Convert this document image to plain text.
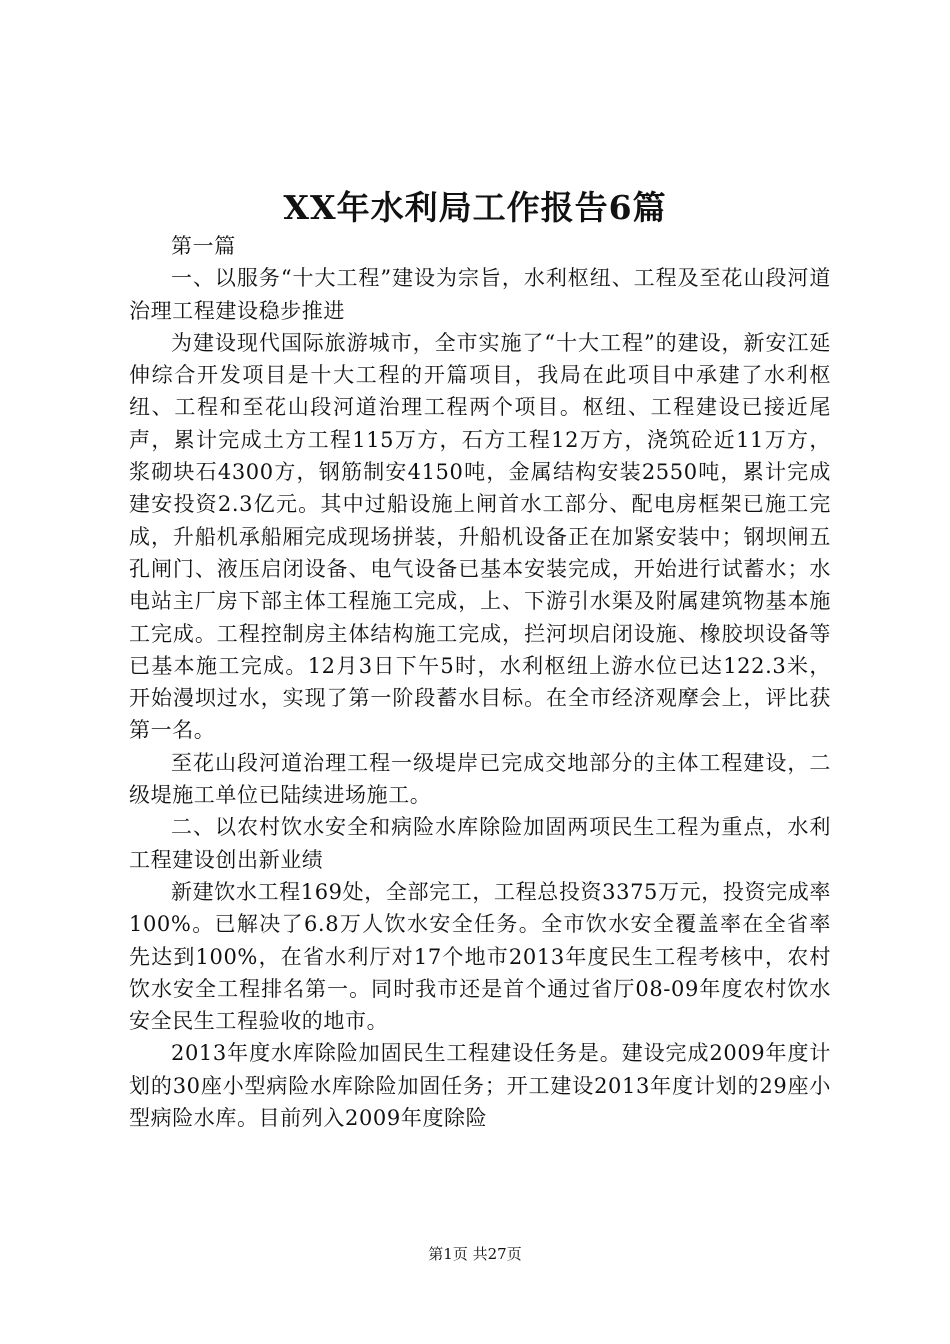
XX年水利局工作报告6篇

第一篇

一、以服务“十大工程”建设为宗旨，水利枢纽、工程及至花山段河道治理工程建设稳步推进

为建设现代国际旅游城市，全市实施了“十大工程”的建设，新安江延伸综合开发项目是十大工程的开篇项目，我局在此项目中承建了水利枢纽、工程和至花山段河道治理工程两个项目。枢纽、工程建设已接近尾声，累计完成土方工程115万方，石方工程12万方，浇筑砼近11万方，浆砌块石4300方，钢筋制安4150吨，金属结构安装2550吨，累计完成建安投资2.3亿元。其中过船设施上闸首水工部分、配电房框架已施工完成，升船机承船厢完成现场拼装，升船机设备正在加紧安装中；钢坝闸五孔闸门、液压启闭设备、电气设备已基本安装完成，开始进行试蓄水；水电站主厂房下部主体工程施工完成，上、下游引水渠及附属建筑物基本施工完成。工程控制房主体结构施工完成，拦河坝启闭设施、橡胶坝设备等已基本施工完成。12月3日下午5时，水利枢纽上游水位已达122.3米，开始漫坝过水，实现了第一阶段蓄水目标。在全市经济观摩会上，评比获第一名。

至花山段河道治理工程一级堤岸已完成交地部分的主体工程建设，二级堤施工单位已陆续进场施工。

二、以农村饮水安全和病险水库除险加固两项民生工程为重点，水利工程建设创出新业绩

新建饮水工程169处，全部完工，工程总投资3375万元，投资完成率100%。已解决了6.8万人饮水安全任务。全市饮水安全覆盖率在全省率先达到100%，在省水利厅对17个地市2013年度民生工程考核中，农村饮水安全工程排名第一。同时我市还是首个通过省厅08-09年度农村饮水安全民生工程验收的地市。

2013年度水库除险加固民生工程建设任务是。建设完成2009年度计划的30座小型病险水库除险加固任务；开工建设2013年度计划的29座小型病险水库。目前列入2009年度除险

第1页 共27页
